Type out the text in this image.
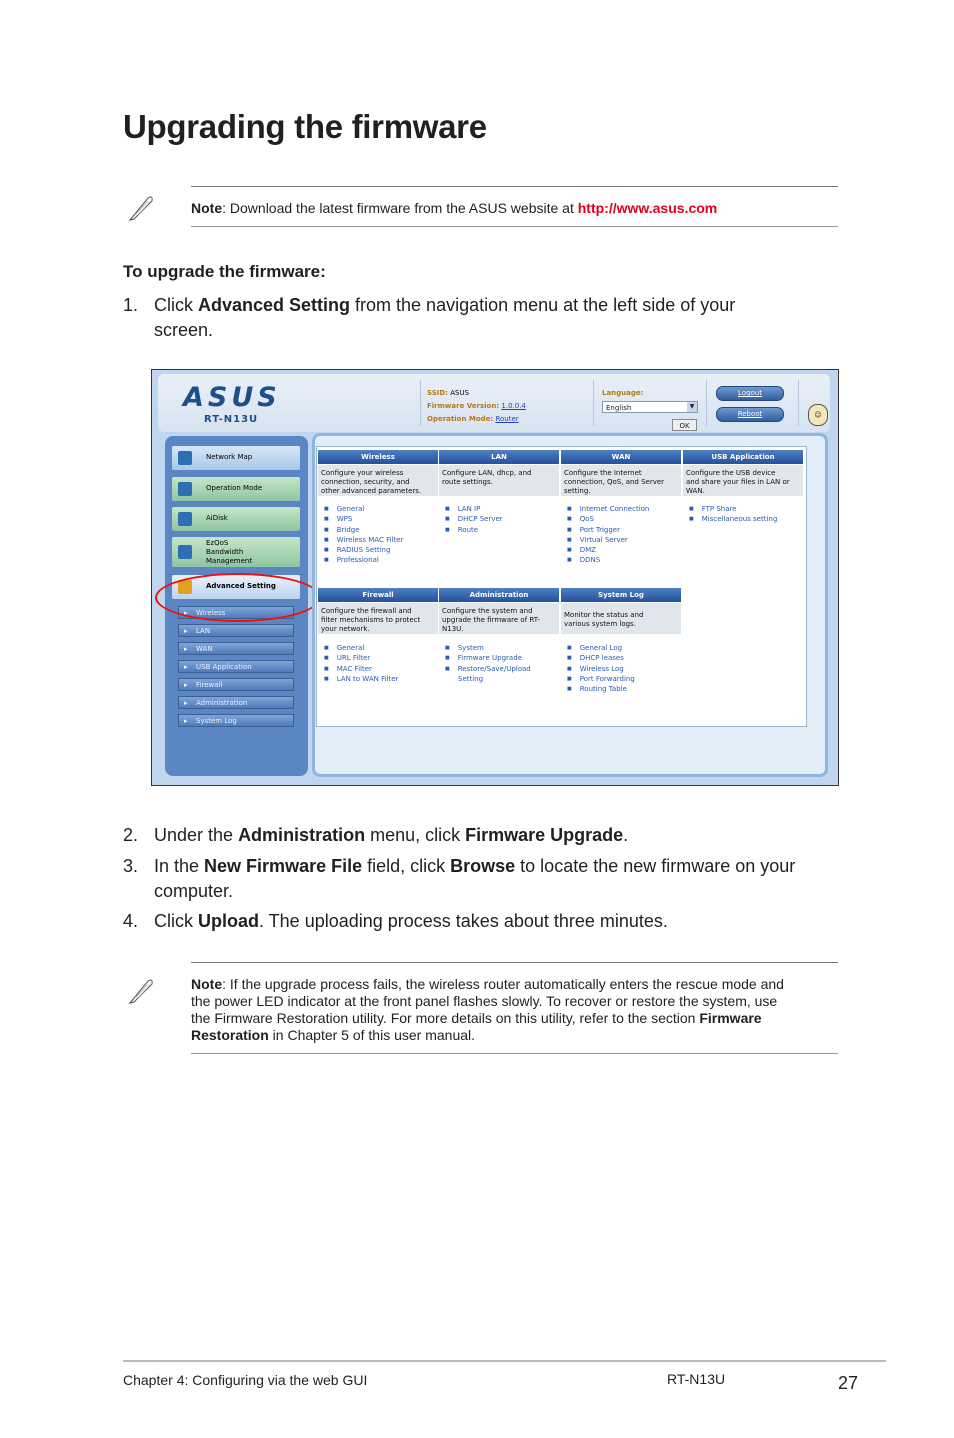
Upgrading the firmware
Note: Download the latest firmware from the ASUS website at http://www.asus.com
To upgrade the firmware:
1. Click Advanced Setting from the navigation menu at the left side of your
screen.
ASUS
RT-N13U
SSID: ASUS
Firmware Version: 1.0.0.4
Operation Mode: Router
Language:
English	▼
OK
Logout
Reboot	☺
Network Map
Operation Mode
AiDisk
EzQoS
Bandwidth
Management
Advanced Setting
▸ Wireless
▸ LAN
▸ WAN
▸ USB Application
▸ Firewall
▸ Administration
▸ System Log
Wireless
Configure your wireless
connection, security, and
other advanced parameters.
■ General
■ WPS
■ Bridge
■ Wireless MAC Filter
■ RADIUS Setting
■ Professional
LAN
Configure LAN, dhcp, and
route settings.
■ LAN IP
■ DHCP Server
■ Route
WAN
Configure the Internet
connection, QoS, and Server
setting.
■ Internet Connection
■ QoS
■ Port Trigger
■ Virtual Server
■ DMZ
■ DDNS
USB Application
Configure the USB device
and share your files in LAN or
WAN.
■ FTP Share
■ Miscellaneous setting
Firewall
Configure the firewall and
filter mechanisms to protect
your network.
■ General
■ URL Filter
■ MAC Filter
■ LAN to WAN Filter
Administration
Configure the system and
upgrade the firmware of RT-
N13U.
■ System
■ Firmware Upgrade
■ Restore/Save/Upload
Setting
System Log
Monitor the status and
various system logs.
■ General Log
■ DHCP leases
■ Wireless Log
■ Port Forwarding
■ Routing Table
2. Under the Administration menu, click Firmware Upgrade.
3. In the New Firmware File field, click Browse to locate the new firmware on your
computer.
4. Click Upload. The uploading process takes about three minutes.
Note: If the upgrade process fails, the wireless router automatically enters the rescue mode and
the power LED indicator at the front panel flashes slowly. To recover or restore the system, use
the Firmware Restoration utility. For more details on this utility, refer to the section Firmware
Restoration in Chapter 5 of this user manual.
Chapter 4: Configuring via the web GUI	RT-N13U	27
